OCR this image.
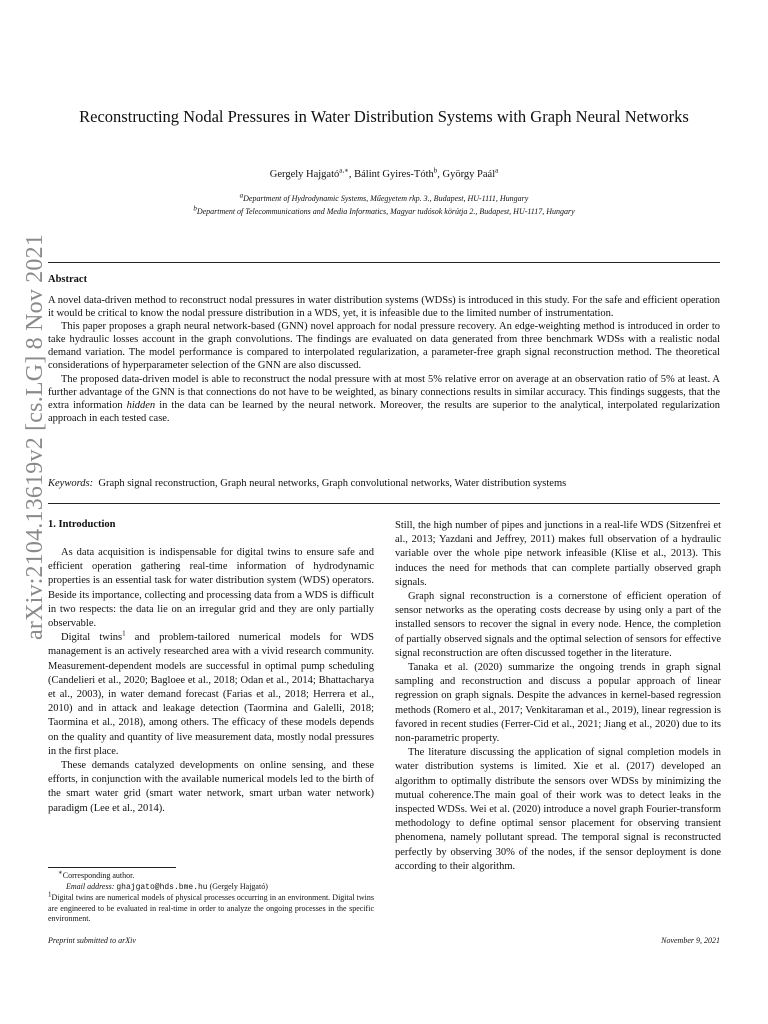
arXiv:2104.13619v2 [cs.LG] 8 Nov 2021
Reconstructing Nodal Pressures in Water Distribution Systems with Graph Neural Networks
Gergely Hajgató$^{a,∗}$, Bálint Gyires-Tóth$^b$, György Paál$^a$
$^a$Department of Hydrodynamic Systems, Műegyetem rkp. 3., Budapest, HU-1111, Hungary
$^b$Department of Telecommunications and Media Informatics, Magyar tudósok körútja 2., Budapest, HU-1117, Hungary
Abstract

A novel data-driven method to reconstruct nodal pressures in water distribution systems (WDSs) is introduced in this study. For the safe and efficient operation it would be critical to know the nodal pressure distribution in a WDS, yet, it is infeasible due to the limited number of instrumentation.

This paper proposes a graph neural network-based (GNN) novel approach for nodal pressure recovery. An edge-weighting method is introduced in order to take hydraulic losses account in the graph convolutions. The findings are evaluated on data generated from three benchmark WDSs with a realistic nodal demand variation. The model performance is compared to interpolated regularization, a parameter-free graph signal reconstruction method. The theoretical considerations of hyperparameter selection of the GNN are also discussed.

The proposed data-driven model is able to reconstruct the nodal pressure with at most 5% relative error on average at an observation ratio of 5% at least. A further advantage of the GNN is that connections do not have to be weighted, as binary connections results in similar accuracy. This findings suggests, that the extra information hidden in the data can be learned by the neural network. Moreover, the results are superior to the analytical, interpolated regularization approach in each tested case.

Keywords: Graph signal reconstruction, Graph neural networks, Graph convolutional networks, Water distribution systems
1. Introduction

As data acquisition is indispensable for digital twins to ensure safe and efficient operation gathering real-time information of hydrodynamic properties is an essential task for water distribution system (WDS) operators. Beside its importance, collecting and processing data from a WDS is difficult in two respects: the data lie on an irregular grid and they are only partially observable.

Digital twins$^1$ and problem-tailored numerical models for WDS management is an actively researched area with a vivid research community. Measurement-dependent models are successful in optimal pump scheduling (Candelieri et al., 2020; Bagloee et al., 2018; Odan et al., 2014; Bhattacharya et al., 2003), in water demand forecast (Farias et al., 2018; Herrera et al., 2010) and in attack and leakage detection (Taormina and Galelli, 2018; Taormina et al., 2018), among others. The efficacy of these models depends on the quality and quantity of live measurement data, mostly nodal pressures in the first place.

These demands catalyzed developments on online sensing, and these efforts, in conjunction with the available numerical models led to the birth of the smart water grid (smart water network, smart urban water network) paradigm (Lee et al., 2014).

Still, the high number of pipes and junctions in a real-life WDS (Sitzenfrei et al., 2013; Yazdani and Jeffrey, 2011) makes full observation of a hydraulic variable over the whole pipe network infeasible (Klise et al., 2013). This induces the need for methods that can complete partially observed graph signals.

Graph signal reconstruction is a cornerstone of efficient operation of sensor networks as the operating costs decrease by using only a part of the installed sensors to recover the signal in every node. Hence, the completion of partially observed signals and the optimal selection of sensors for effective signal reconstruction are often discussed together in the literature.

Tanaka et al. (2020) summarize the ongoing trends in graph signal sampling and reconstruction and discuss a popular approach of linear regression on graph signals. Despite the advances in kernel-based regression methods (Romero et al., 2017; Venkitaraman et al., 2019), linear regression is favored in recent studies (Ferrer-Cid et al., 2021; Jiang et al., 2020) due to its non-parametric property.

The literature discussing the application of signal completion models in water distribution systems is limited. Xie et al. (2017) developed an algorithm to optimally distribute the sensors over WDSs by minimizing the mutual coherence.The main goal of their work was to detect leaks in the inspected WDSs. Wei et al. (2020) introduce a novel graph Fourier-transform methodology to define optimal sensor placement for observing transient phenomena, namely pollutant spread. The temporal signal is reconstructed perfectly by observing 30% of the nodes, if the sensor deployment is done according to their algorithm.

∗Corresponding author.
Email address: ghajgato@hds.bme.hu (Gergely Hajgató)
$^1$Digital twins are numerical models of physical processes occurring in an environment. Digital twins are engineered to be evaluated in real-time in order to analyze the ongoing processes in the specific environment.
Preprint submitted to arXiv	November 9, 2021
